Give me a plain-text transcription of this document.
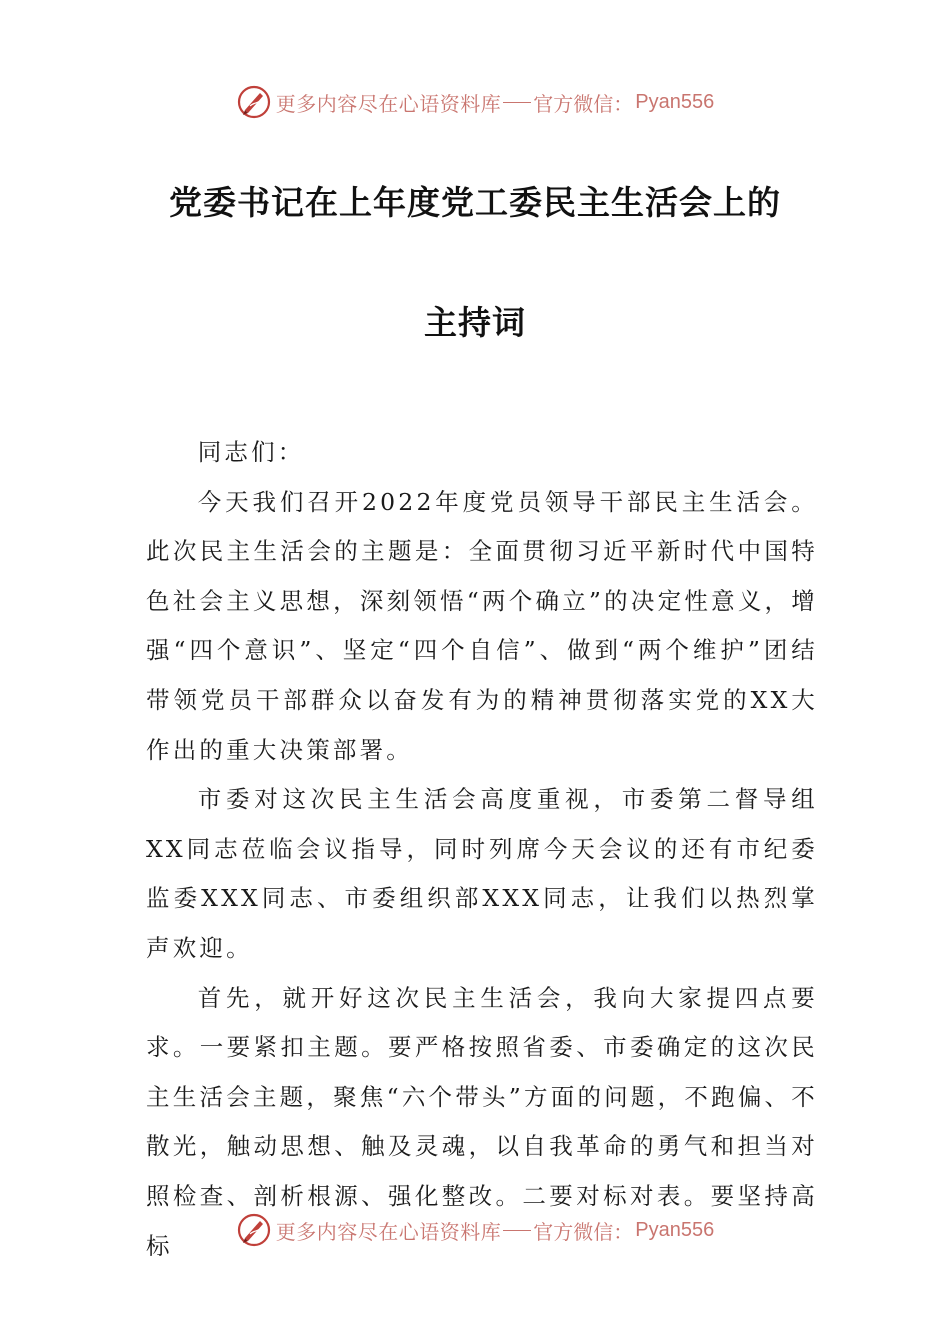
更多内容尽在心语资料库 官方微信： Pyan556
党委书记在上年度党工委民主生活会上的
主持词

同志们：

今天我们召开2022年度党员领导干部民主生活会。此次民主生活会的主题是：全面贯彻习近平新时代中国特色社会主义思想，深刻领悟“两个确立”的决定性意义，增强“四个意识”、坚定“四个自信”、做到“两个维护”团结带领党员干部群众以奋发有为的精神贯彻落实党的XX大作出的重大决策部署。

市委对这次民主生活会高度重视，市委第二督导组XX同志莅临会议指导，同时列席今天会议的还有市纪委监委XXX同志、市委组织部XXX同志，让我们以热烈掌声欢迎。

首先，就开好这次民主生活会，我向大家提四点要求。一要紧扣主题。要严格按照省委、市委确定的这次民主生活会主题，聚焦“六个带头”方面的问题，不跑偏、不散光，触动思想、触及灵魂，以自我革命的勇气和担当对照检查、剖析根源、强化整改。二要对标对表。要坚持高标	更多内容尽在心语资料库 官方微信： Pyan556
